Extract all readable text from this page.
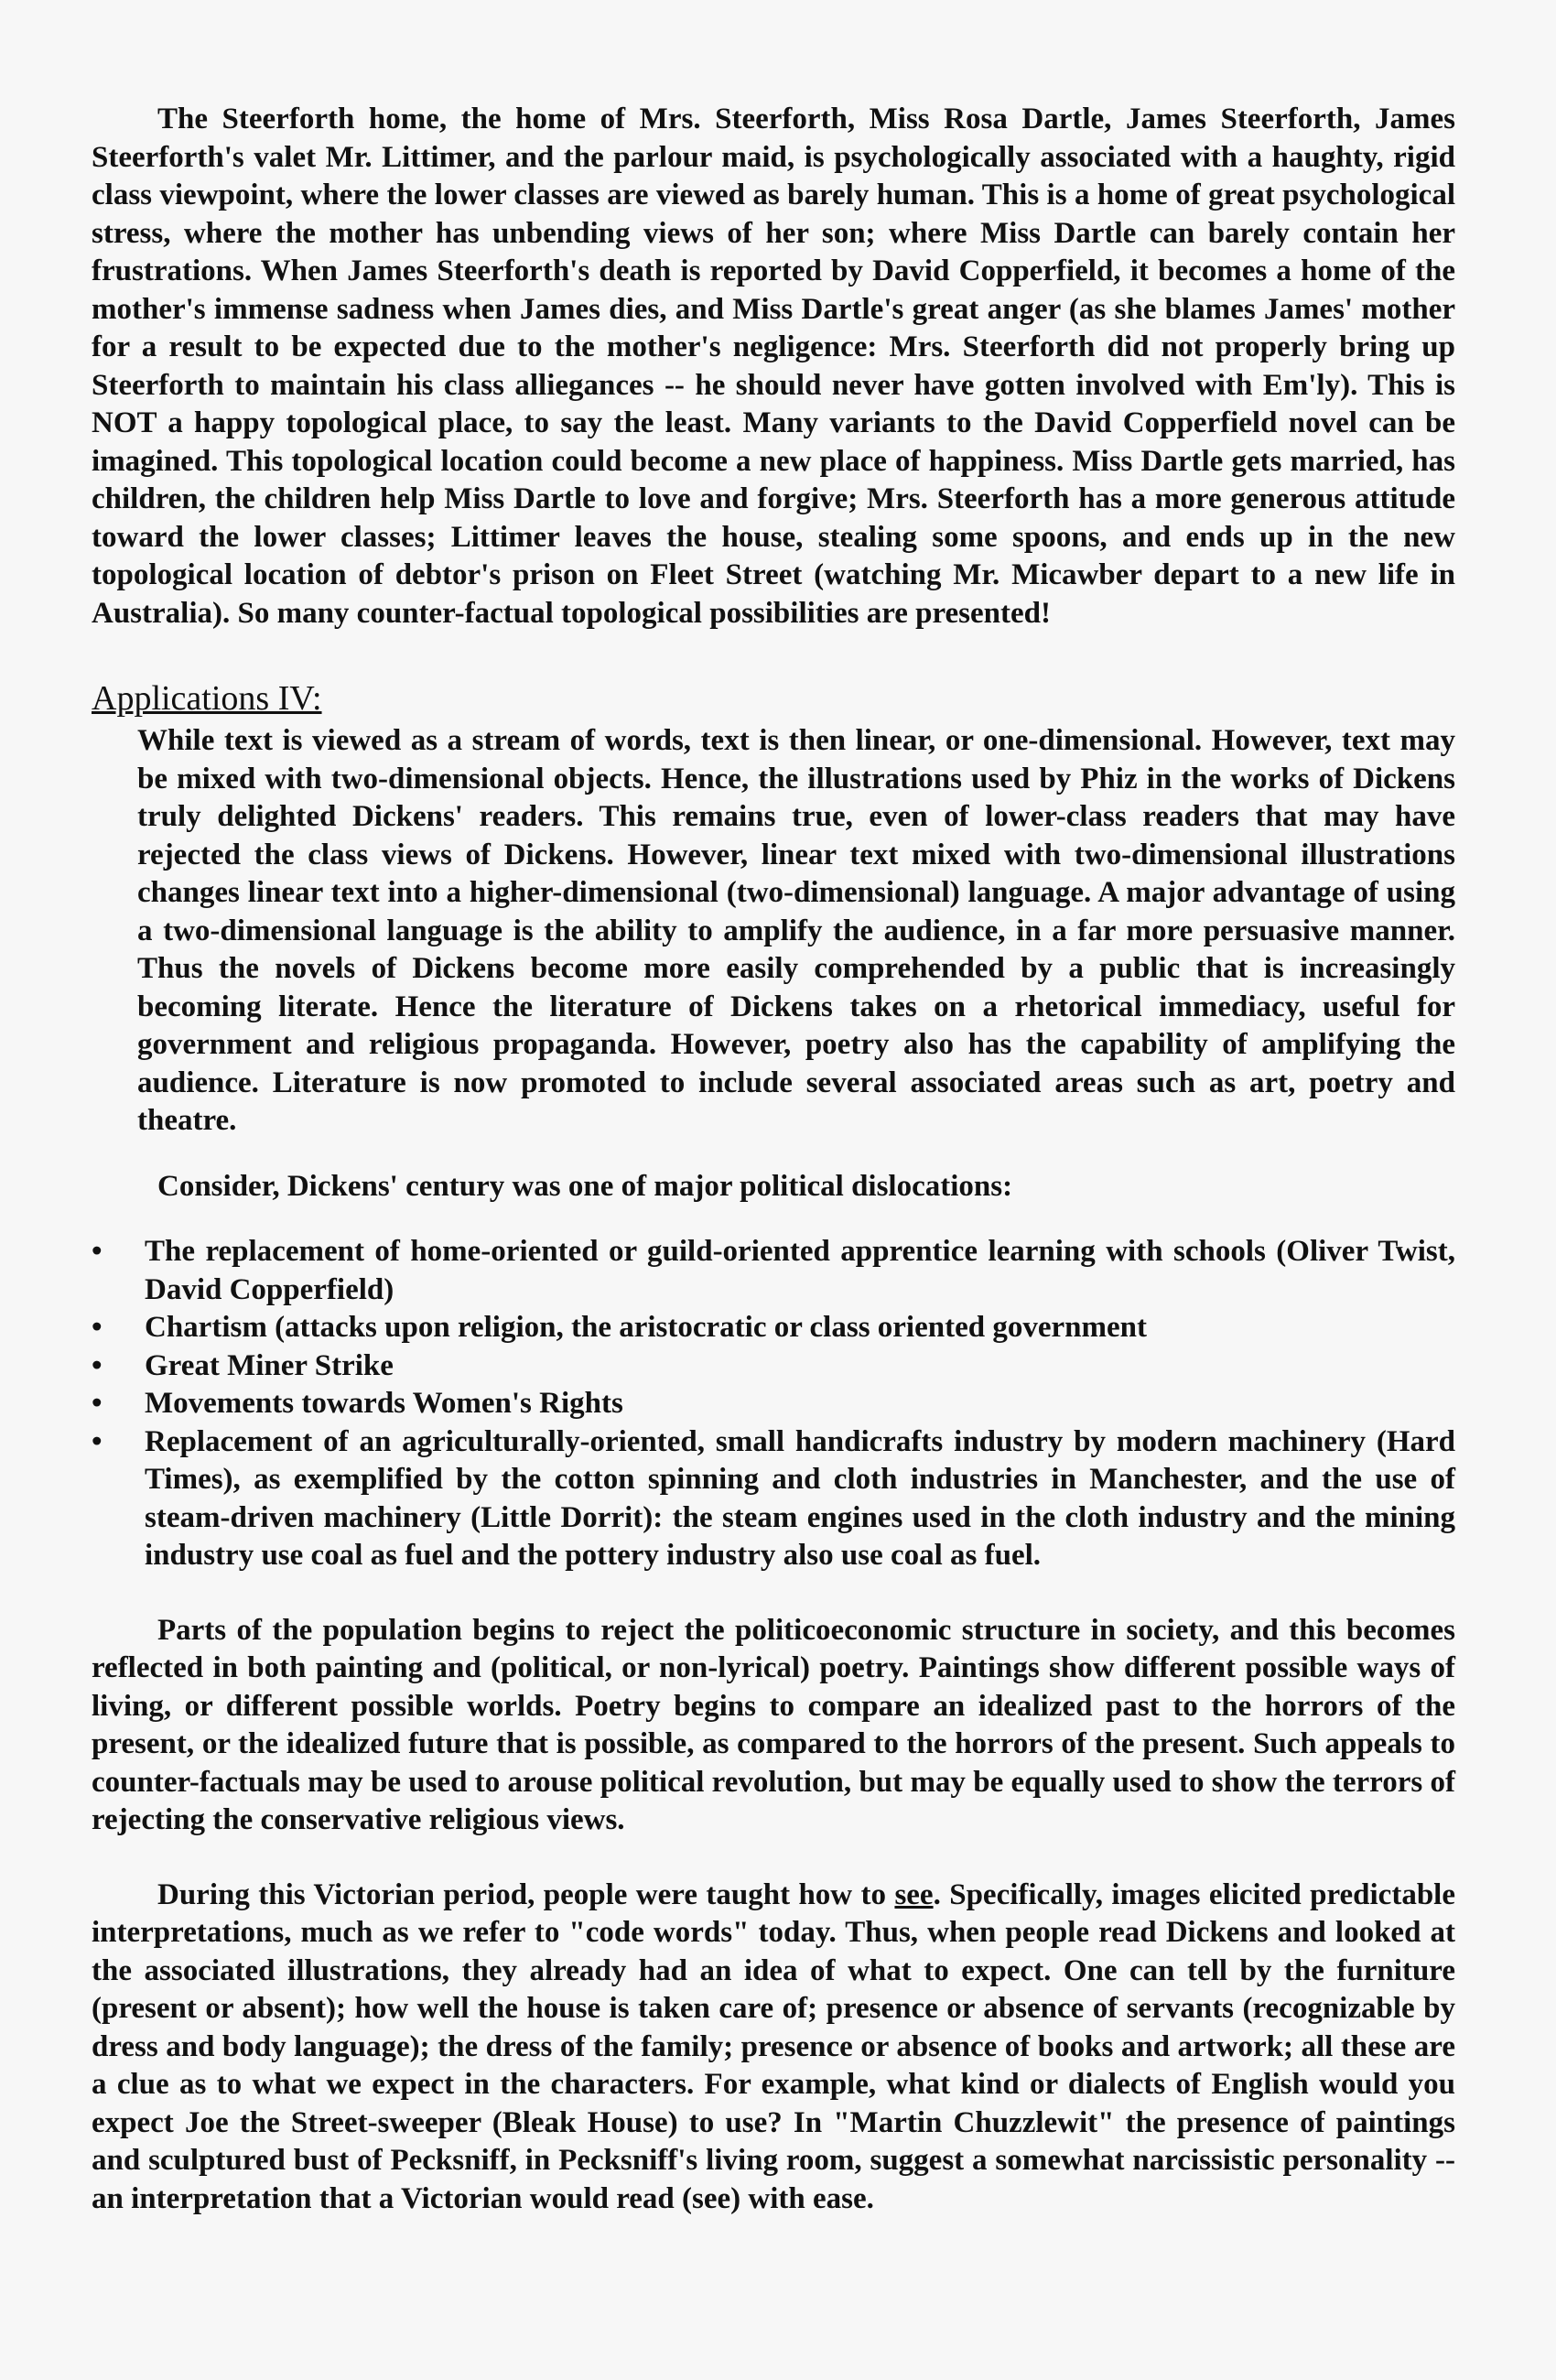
The Steerforth home, the home of Mrs. Steerforth, Miss Rosa Dartle, James Steerforth, James Steerforth's valet Mr. Littimer, and the parlour maid, is psychologically associated with a haughty, rigid class viewpoint, where the lower classes are viewed as barely human. This is a home of great psychological stress, where the mother has unbending views of her son; where Miss Dartle can barely contain her frustrations. When James Steerforth's death is reported by David Copperfield, it becomes a home of the mother's immense sadness when James dies, and Miss Dartle's great anger (as she blames James' mother for a result to be expected due to the mother's negligence: Mrs. Steerforth did not properly bring up Steerforth to maintain his class alliegances -- he should never have gotten involved with Em'ly). This is NOT a happy topological place, to say the least. Many variants to the David Copperfield novel can be imagined. This topological location could become a new place of happiness. Miss Dartle gets married, has children, the children help Miss Dartle to love and forgive; Mrs. Steerforth has a more generous attitude toward the lower classes; Littimer leaves the house, stealing some spoons, and ends up in the new topological location of debtor's prison on Fleet Street (watching Mr. Micawber depart to a new life in Australia). So many counter-factual topological possibilities are presented!

Applications IV:

While text is viewed as a stream of words, text is then linear, or one-dimensional. However, text may be mixed with two-dimensional objects. Hence, the illustrations used by Phiz in the works of Dickens truly delighted Dickens' readers. This remains true, even of lower-class readers that may have rejected the class views of Dickens. However, linear text mixed with two-dimensional illustrations changes linear text into a higher-dimensional (two-dimensional) language. A major advantage of using a two-dimensional language is the ability to amplify the audience, in a far more persuasive manner. Thus the novels of Dickens become more easily comprehended by a public that is increasingly becoming literate. Hence the literature of Dickens takes on a rhetorical immediacy, useful for government and religious propaganda. However, poetry also has the capability of amplifying the audience. Literature is now promoted to include several associated areas such as art, poetry and theatre.

Consider, Dickens' century was one of major political dislocations:

• The replacement of home-oriented or guild-oriented apprentice learning with schools (Oliver Twist, David Copperfield)
• Chartism (attacks upon religion, the aristocratic or class oriented government
• Great Miner Strike
• Movements towards Women's Rights
• Replacement of an agriculturally-oriented, small handicrafts industry by modern machinery (Hard Times), as exemplified by the cotton spinning and cloth industries in Manchester, and the use of steam-driven machinery (Little Dorrit): the steam engines used in the cloth industry and the mining industry use coal as fuel and the pottery industry also use coal as fuel.

Parts of the population begins to reject the politicoeconomic structure in society, and this becomes reflected in both painting and (political, or non-lyrical) poetry. Paintings show different possible ways of living, or different possible worlds. Poetry begins to compare an idealized past to the horrors of the present, or the idealized future that is possible, as compared to the horrors of the present. Such appeals to counter-factuals may be used to arouse political revolution, but may be equally used to show the terrors of rejecting the conservative religious views.

During this Victorian period, people were taught how to see. Specifically, images elicited predictable interpretations, much as we refer to "code words" today. Thus, when people read Dickens and looked at the associated illustrations, they already had an idea of what to expect. One can tell by the furniture (present or absent); how well the house is taken care of; presence or absence of servants (recognizable by dress and body language); the dress of the family; presence or absence of books and artwork; all these are a clue as to what we expect in the characters. For example, what kind or dialects of English would you expect Joe the Street-sweeper (Bleak House) to use? In "Martin Chuzzlewit" the presence of paintings and sculptured bust of Pecksniff, in Pecksniff's living room, suggest a somewhat narcissistic personality -- an interpretation that a Victorian would read (see) with ease.
